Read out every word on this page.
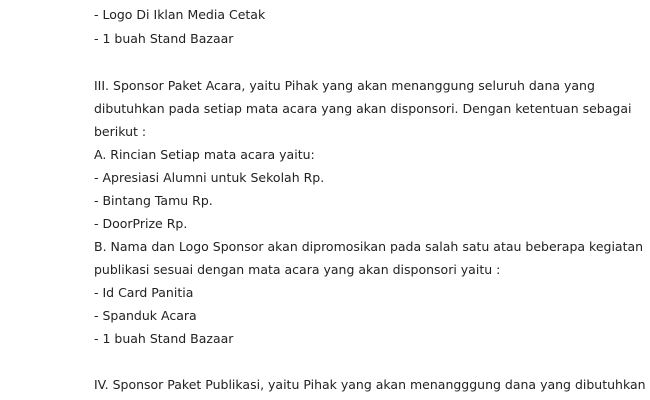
- Logo Di Iklan Media Cetak
- 1 buah Stand Bazaar
III. Sponsor Paket Acara, yaitu Pihak yang akan menanggung seluruh dana yang
dibutuhkan pada setiap mata acara yang akan disponsori. Dengan ketentuan sebagai
berikut :
A. Rincian Setiap mata acara yaitu:
- Apresiasi Alumni untuk Sekolah Rp.
- Bintang Tamu Rp.
- DoorPrize Rp.
B. Nama dan Logo Sponsor akan dipromosikan pada salah satu atau beberapa kegiatan
publikasi sesuai dengan mata acara yang akan disponsori yaitu :
- Id Card Panitia
- Spanduk Acara
- 1 buah Stand Bazaar
IV. Sponsor Paket Publikasi, yaitu Pihak yang akan menangggung dana yang dibutuhkan
